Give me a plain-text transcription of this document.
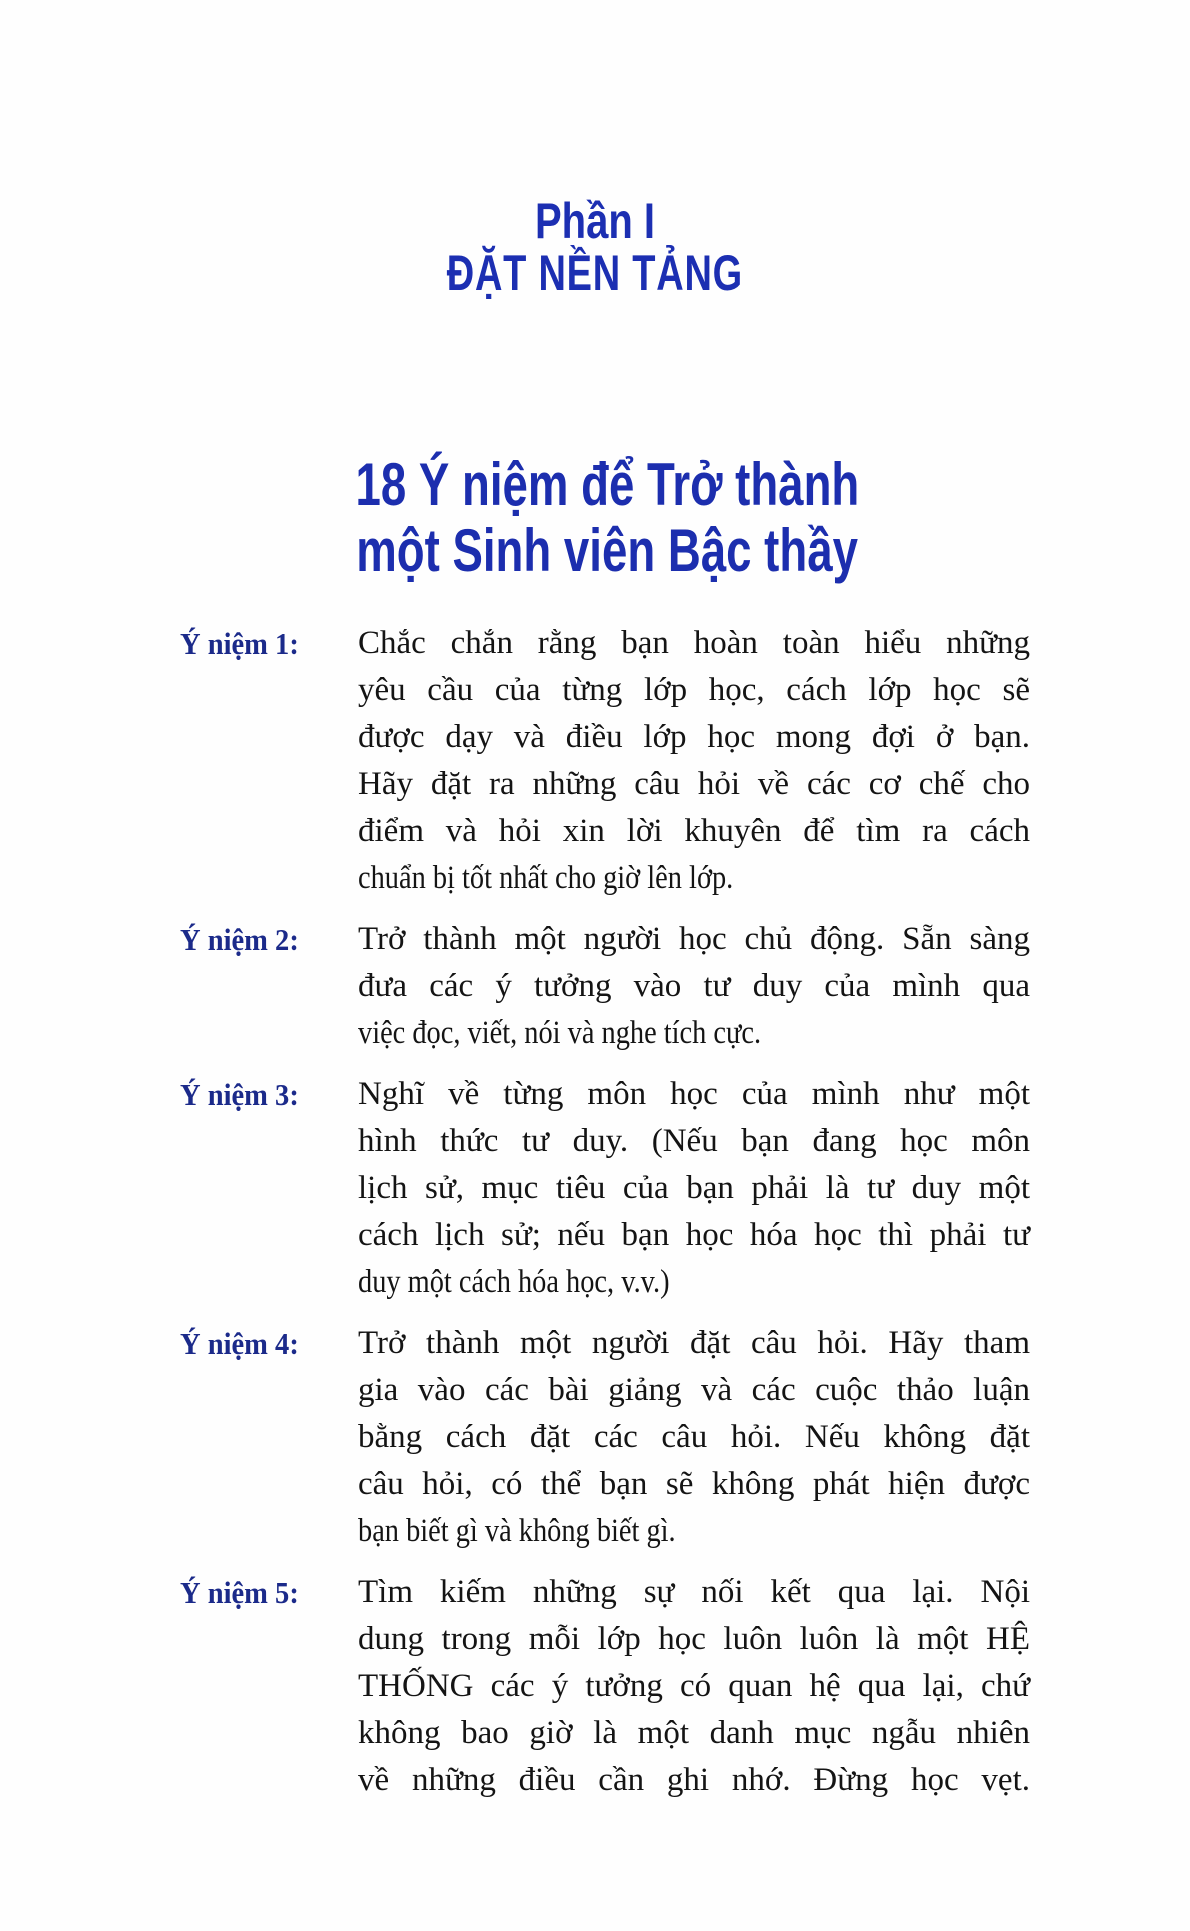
Phần I
ĐẶT NỀN TẢNG
18 Ý niệm để Trở thành
một Sinh viên Bậc thầy
Ý niệm 1:	Chắc chắn rằng bạn hoàn toàn hiểu những
yêu cầu của từng lớp học, cách lớp học sẽ
được dạy và điều lớp học mong đợi ở bạn.
Hãy đặt ra những câu hỏi về các cơ chế cho
điểm và hỏi xin lời khuyên để tìm ra cách
chuẩn bị tốt nhất cho giờ lên lớp.
Ý niệm 2:	Trở thành một người học chủ động. Sẵn sàng
đưa các ý tưởng vào tư duy của mình qua
việc đọc, viết, nói và nghe tích cực.
Ý niệm 3:	Nghĩ về từng môn học của mình như một
hình thức tư duy. (Nếu bạn đang học môn
lịch sử, mục tiêu của bạn phải là tư duy một
cách lịch sử; nếu bạn học hóa học thì phải tư
duy một cách hóa học, v.v.)
Ý niệm 4:	Trở thành một người đặt câu hỏi. Hãy tham
gia vào các bài giảng và các cuộc thảo luận
bằng cách đặt các câu hỏi. Nếu không đặt
câu hỏi, có thể bạn sẽ không phát hiện được
bạn biết gì và không biết gì.
Ý niệm 5:	Tìm kiếm những sự nối kết qua lại. Nội
dung trong mỗi lớp học luôn luôn là một HỆ
THỐNG các ý tưởng có quan hệ qua lại, chứ
không bao giờ là một danh mục ngẫu nhiên
về những điều cần ghi nhớ. Đừng học vẹt.
